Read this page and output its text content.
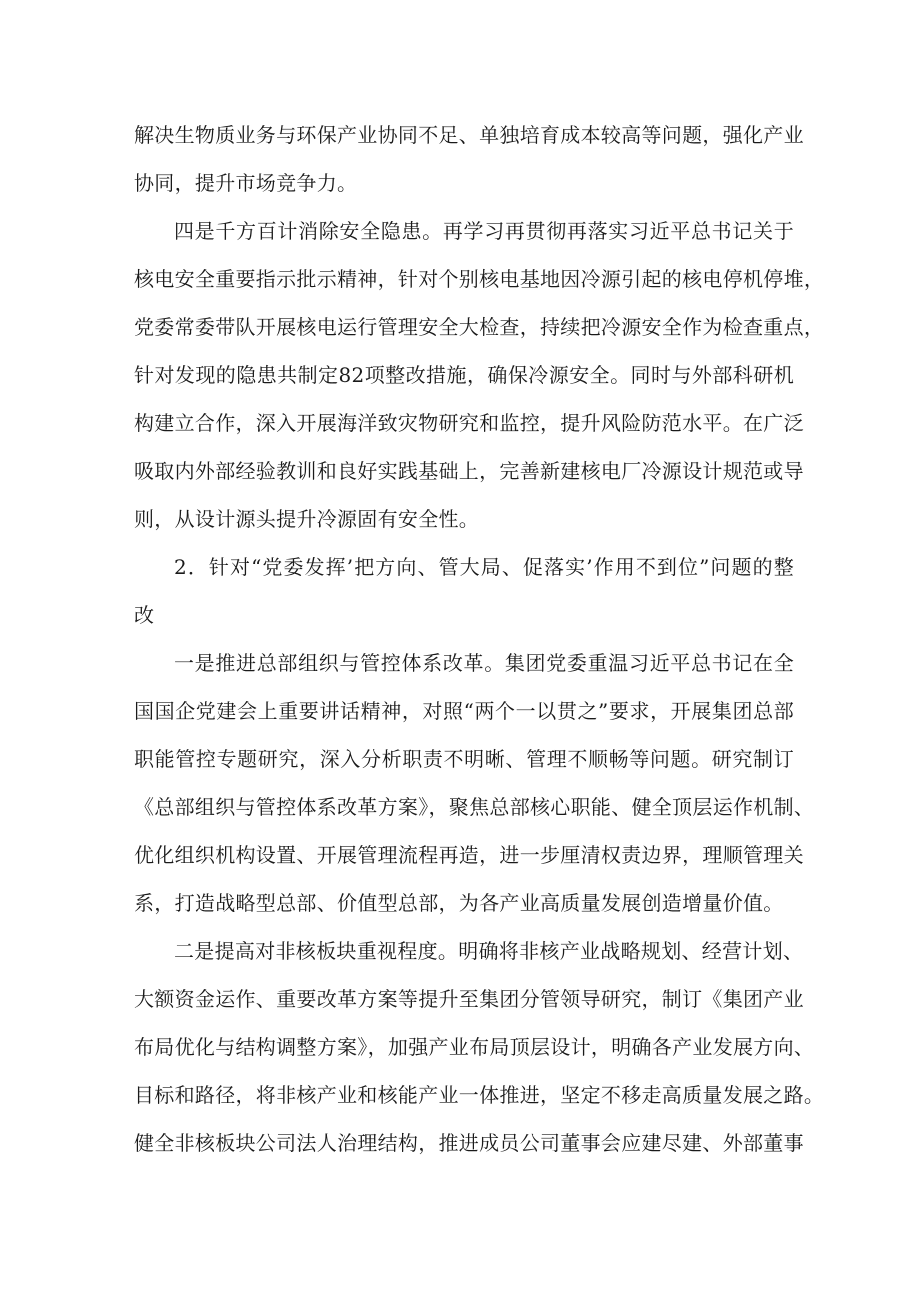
解决生物质业务与环保产业协同不足、单独培育成本较高等问题，强化产业
协同，提升市场竞争力。

四是千方百计消除安全隐患。再学习再贯彻再落实习近平总书记关于
核电安全重要指示批示精神，针对个别核电基地因冷源引起的核电停机停堆，
党委常委带队开展核电运行管理安全大检查，持续把冷源安全作为检查重点，
针对发现的隐患共制定82项整改措施，确保冷源安全。同时与外部科研机
构建立合作，深入开展海洋致灾物研究和监控，提升风险防范水平。在广泛
吸取内外部经验教训和良好实践基础上，完善新建核电厂冷源设计规范或导
则，从设计源头提升冷源固有安全性。

2．针对“党委发挥’把方向、管大局、促落实’作用不到位”问题的整
改

一是推进总部组织与管控体系改革。集团党委重温习近平总书记在全
国国企党建会上重要讲话精神，对照“两个一以贯之”要求，开展集团总部
职能管控专题研究，深入分析职责不明晰、管理不顺畅等问题。研究制订
《总部组织与管控体系改革方案》，聚焦总部核心职能、健全顶层运作机制、
优化组织机构设置、开展管理流程再造，进一步厘清权责边界，理顺管理关
系，打造战略型总部、价值型总部，为各产业高质量发展创造增量价值。

二是提高对非核板块重视程度。明确将非核产业战略规划、经营计划、
大额资金运作、重要改革方案等提升至集团分管领导研究，制订《集团产业
布局优化与结构调整方案》，加强产业布局顶层设计，明确各产业发展方向、
目标和路径，将非核产业和核能产业一体推进，坚定不移走高质量发展之路。
健全非核板块公司法人治理结构，推进成员公司董事会应建尽建、外部董事
